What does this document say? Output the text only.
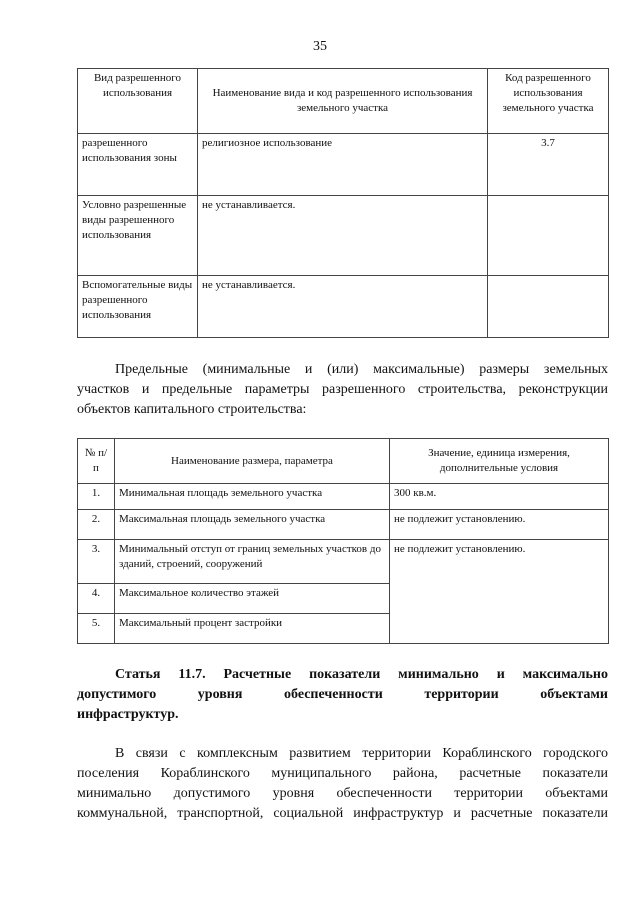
35
Вид разрешенного использования	Наименование вида и код разрешенного использования земельного участка	Код разрешенного использования земельного участка
разрешенного использования зоны	религиозное использование	3.7
Условно разрешенные виды разрешенного использования	не устанавливается.	
Вспомогательные виды разрешенного использования	не устанавливается.	
Предельные (минимальные и (или) максимальные) размеры земельных
участков и предельные параметры разрешенного строительства, реконструкции
объектов капитального строительства:
№ п/п	Наименование размера, параметра	Значение, единица измерения, дополнительные условия
1.	Минимальная площадь земельного участка	300 кв.м.
2.	Максимальная площадь земельного участка	не подлежит установлению.
3.	Минимальный отступ от границ земельных участков до зданий, строений, сооружений	не подлежит установлению.
4.	Максимальное количество этажей	
5.	Максимальный процент застройки	
Статья 11.7. Расчетные показатели минимально и максимально
допустимого уровня обеспеченности территории объектами
инфраструктур.
В связи с комплексным развитием территории Кораблинского городского
поселения Кораблинского муниципального района, расчетные показатели
минимально допустимого уровня обеспеченности территории объектами
коммунальной, транспортной, социальной инфраструктур и расчетные показатели
